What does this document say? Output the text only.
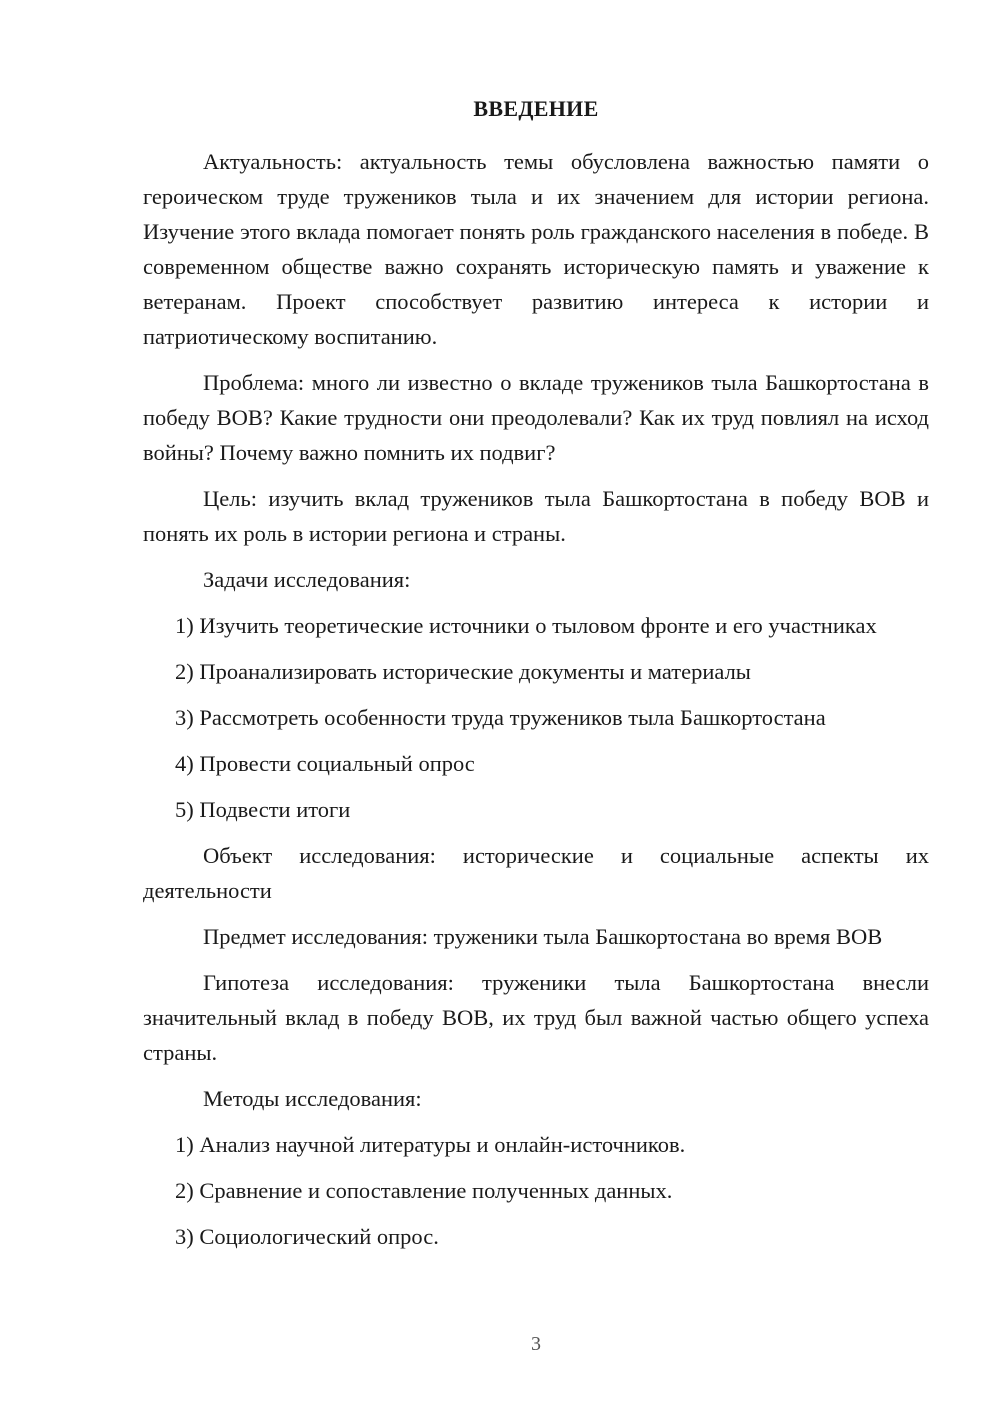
ВВЕДЕНИЕ

Актуальность: актуальность темы обусловлена важностью памяти о героическом труде тружеников тыла и их значением для истории региона. Изучение этого вклада помогает понять роль гражданского населения в победе. В современном обществе важно сохранять историческую память и уважение к ветеранам. Проект способствует развитию интереса к истории и патриотическому воспитанию.

Проблема: много ли известно о вкладе тружеников тыла Башкортостана в победу ВОВ? Какие трудности они преодолевали? Как их труд повлиял на исход войны? Почему важно помнить их подвиг?

Цель: изучить вклад тружеников тыла Башкортостана в победу ВОВ и понять их роль в истории региона и страны.

Задачи исследования:

1) Изучить теоретические источники о тыловом фронте и его участниках

2) Проанализировать исторические документы и материалы

3) Рассмотреть особенности труда тружеников тыла Башкортостана

4) Провести социальный опрос

5) Подвести итоги

Объект исследования: исторические и социальные аспекты их деятельности

Предмет исследования: труженики тыла Башкортостана во время ВОВ

Гипотеза исследования: труженики тыла Башкортостана внесли значительный вклад в победу ВОВ, их труд был важной частью общего успеха страны.

Методы исследования:

1) Анализ научной литературы и онлайн-источников.

2) Сравнение и сопоставление полученных данных.

3) Социологический опрос.

3
